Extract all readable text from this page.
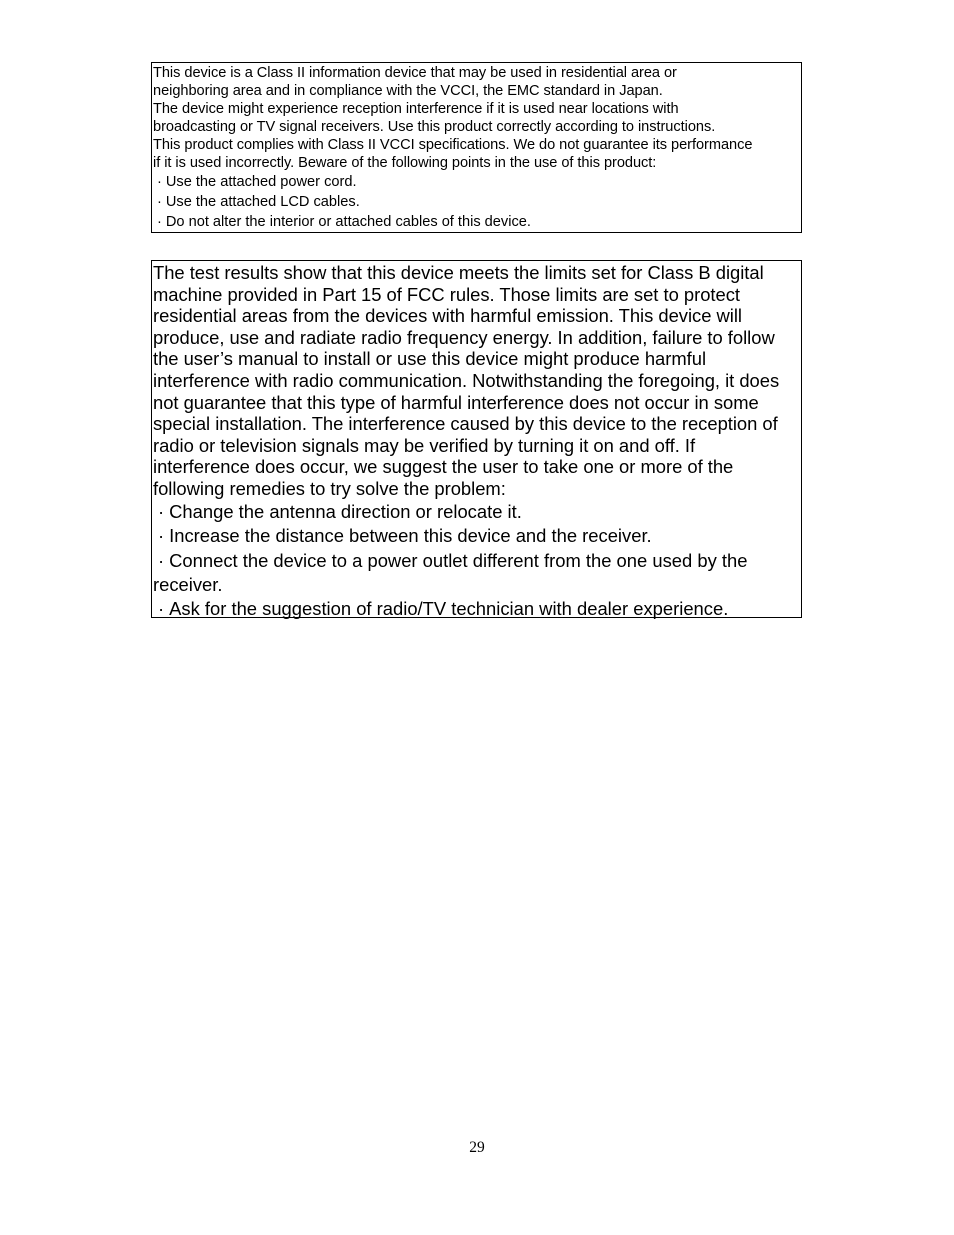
This device is a Class II information device that may be used in residential area or
neighboring area and in compliance with the VCCI, the EMC standard in Japan.
The device might experience reception interference if it is used near locations with
broadcasting or TV signal receivers. Use this product correctly according to instructions.
This product complies with Class II VCCI specifications. We do not guarantee its performance
if it is used incorrectly. Beware of the following points in the use of this product:
· Use the attached power cord.
· Use the attached LCD cables.
· Do not alter the interior or attached cables of this device.
The test results show that this device meets the limits set for Class B digital
machine provided in Part 15 of FCC rules. Those limits are set to protect
residential areas from the devices with harmful emission. This device will
produce, use and radiate radio frequency energy. In addition, failure to follow
the user’s manual to install or use this device might produce harmful
interference with radio communication. Notwithstanding the foregoing, it does
not guarantee that this type of harmful interference does not occur in some
special installation. The interference caused by this device to the reception of
radio or television signals may be verified by turning it on and off. If
interference does occur, we suggest the user to take one or more of the
following remedies to try solve the problem:
· Change the antenna direction or relocate it.
· Increase the distance between this device and the receiver.
· Connect the device to a power outlet different from the one used by the
receiver.
· Ask for the suggestion of radio/TV technician with dealer experience.
29
